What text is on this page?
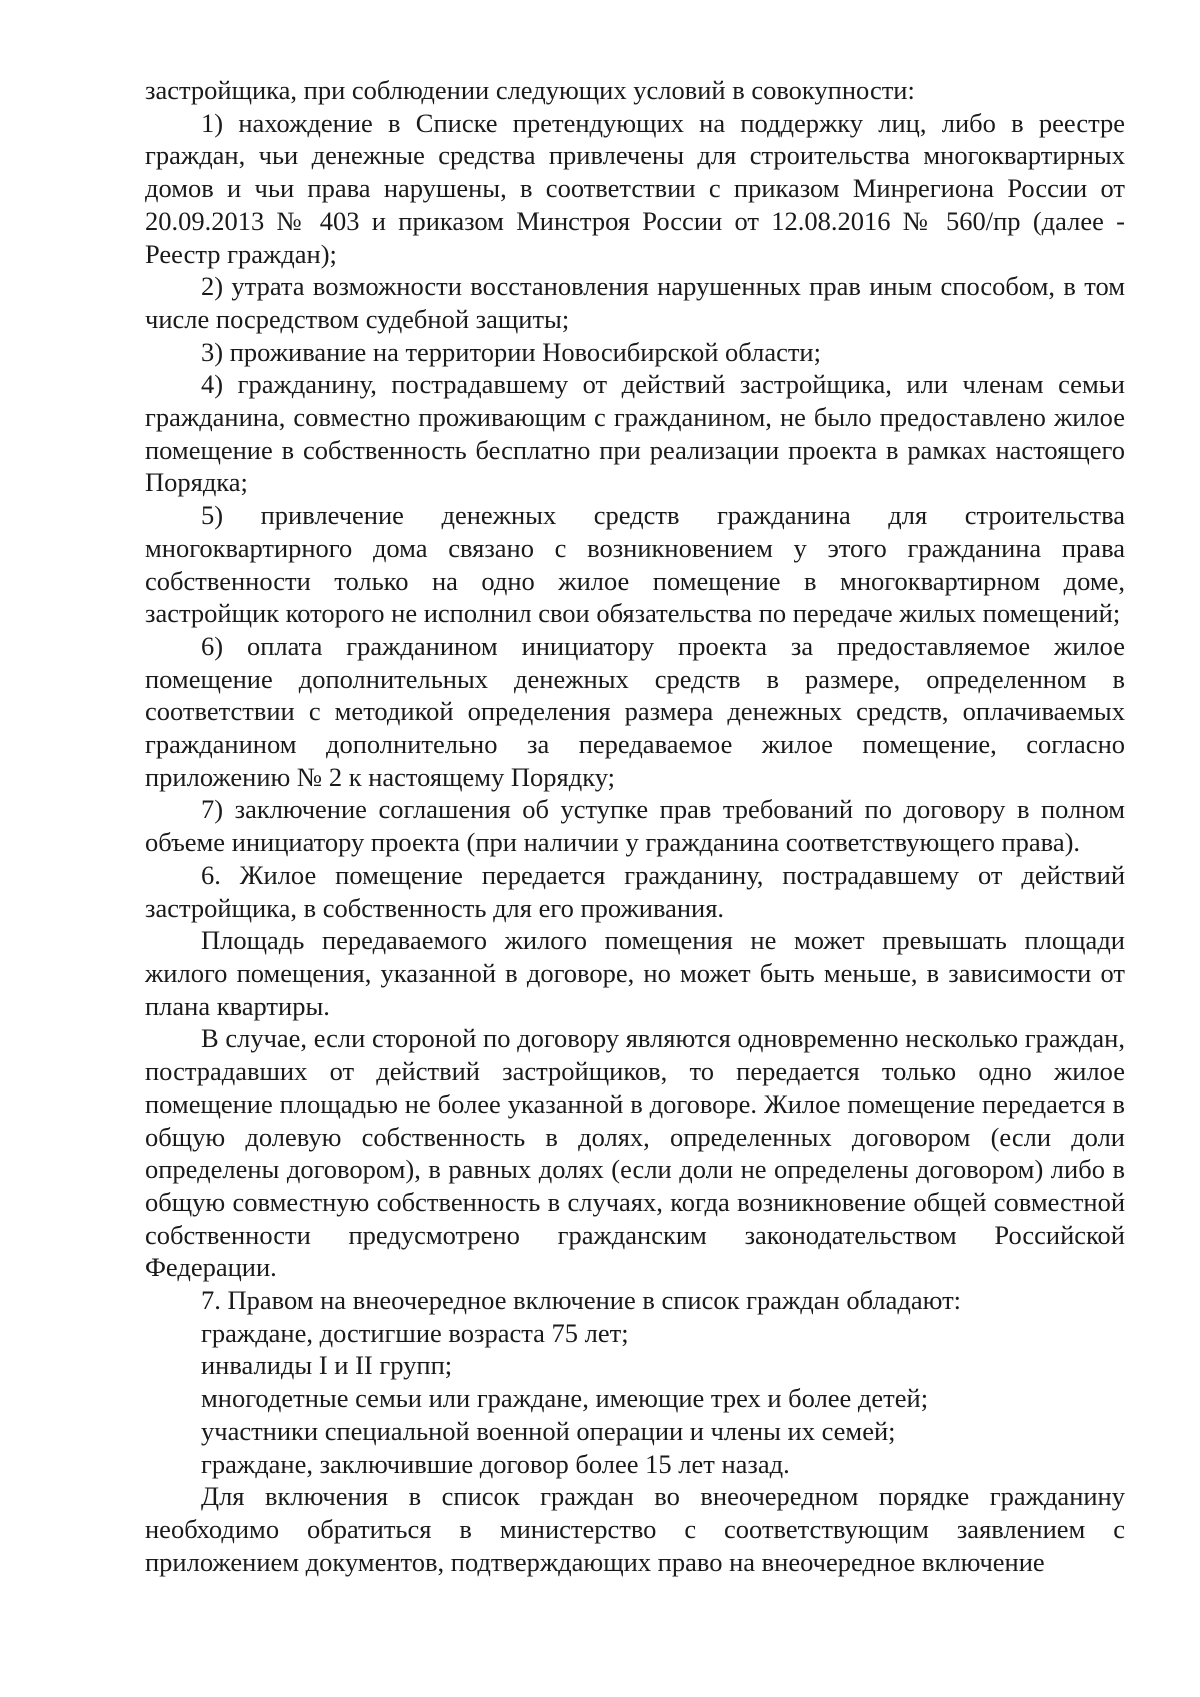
застройщика, при соблюдении следующих условий в совокупности:

1) нахождение в Списке претендующих на поддержку лиц, либо в реестре граждан, чьи денежные средства привлечены для строительства многоквартирных домов и чьи права нарушены, в соответствии с приказом Минрегиона России от 20.09.2013 № 403 и приказом Минстроя России от 12.08.2016 № 560/пр (далее - Реестр граждан);

2) утрата возможности восстановления нарушенных прав иным способом, в том числе посредством судебной защиты;

3) проживание на территории Новосибирской области;

4) гражданину, пострадавшему от действий застройщика, или членам семьи гражданина, совместно проживающим с гражданином, не было предоставлено жилое помещение в собственность бесплатно при реализации проекта в рамках настоящего Порядка;

5) привлечение денежных средств гражданина для строительства многоквартирного дома связано с возникновением у этого гражданина права собственности только на одно жилое помещение в многоквартирном доме, застройщик которого не исполнил свои обязательства по передаче жилых помещений;

6) оплата гражданином инициатору проекта за предоставляемое жилое помещение дополнительных денежных средств в размере, определенном в соответствии с методикой определения размера денежных средств, оплачиваемых гражданином дополнительно за передаваемое жилое помещение, согласно приложению № 2 к настоящему Порядку;

7) заключение соглашения об уступке прав требований по договору в полном объеме инициатору проекта (при наличии у гражданина соответствующего права).

6. Жилое помещение передается гражданину, пострадавшему от действий застройщика, в собственность для его проживания.

Площадь передаваемого жилого помещения не может превышать площади жилого помещения, указанной в договоре, но может быть меньше, в зависимости от плана квартиры.

В случае, если стороной по договору являются одновременно несколько граждан, пострадавших от действий застройщиков, то передается только одно жилое помещение площадью не более указанной в договоре. Жилое помещение передается в общую долевую собственность в долях, определенных договором (если доли определены договором), в равных долях (если доли не определены договором) либо в общую совместную собственность в случаях, когда возникновение общей совместной собственности предусмотрено гражданским законодательством Российской Федерации.

7. Правом на внеочередное включение в список граждан обладают:

граждане, достигшие возраста 75 лет;

инвалиды I и II групп;

многодетные семьи или граждане, имеющие трех и более детей;

участники специальной военной операции и члены их семей;

граждане, заключившие договор более 15 лет назад.

Для включения в список граждан во внеочередном порядке гражданину необходимо обратиться в министерство с соответствующим заявлением с приложением документов, подтверждающих право на внеочередное включение
